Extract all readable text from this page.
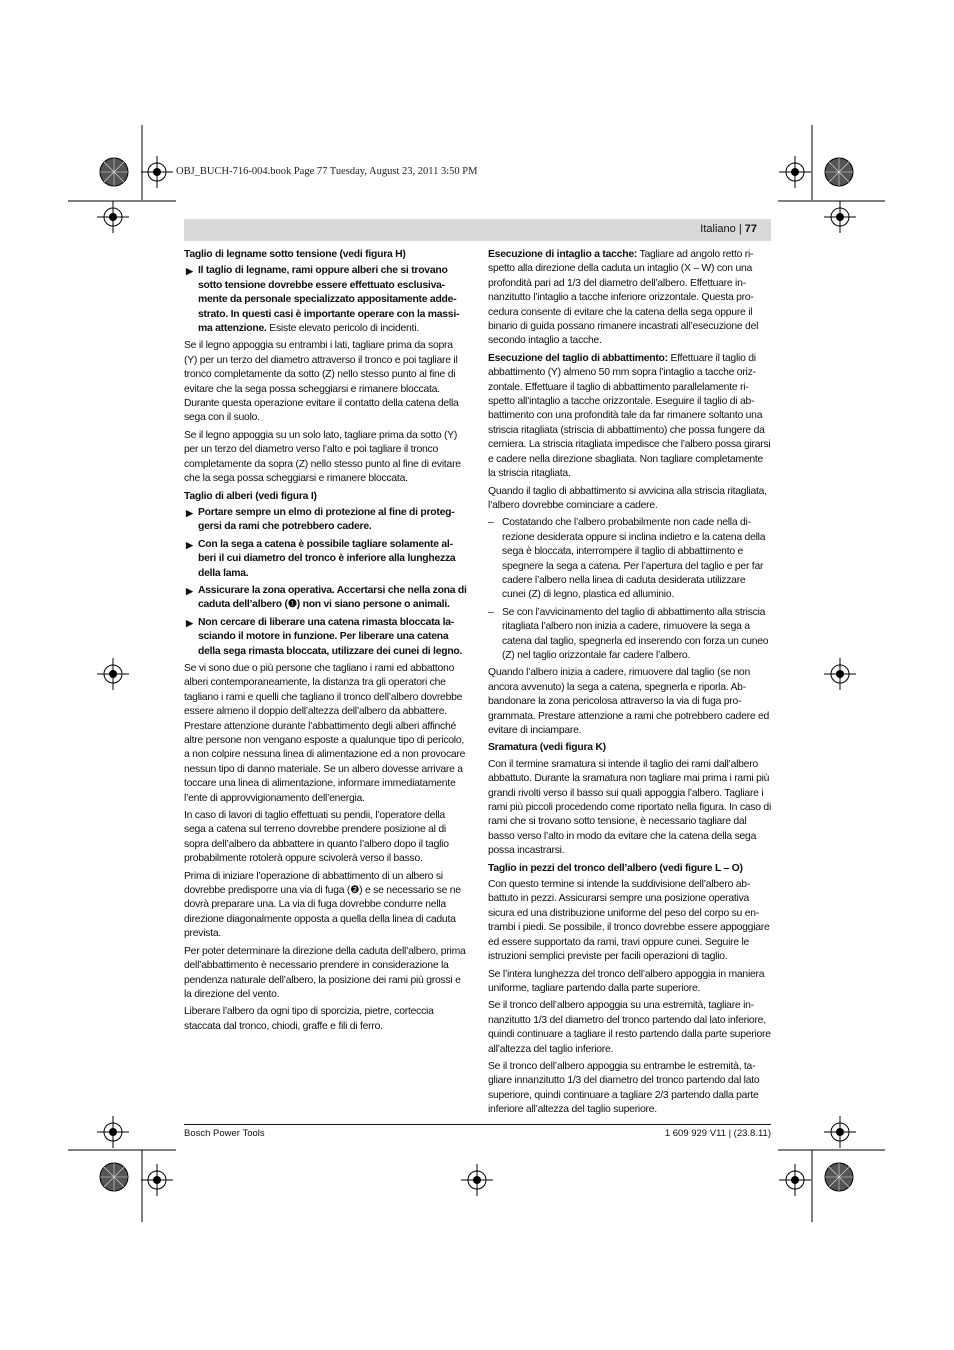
OBJ_BUCH-716-004.book Page 77 Tuesday, August 23, 2011 3:50 PM
Italiano | 77
Taglio di legname sotto tensione (vedi figura H)
▶ Il taglio di legname, rami oppure alberi che si trovano sotto tensione dovrebbe essere effettuato esclusivamente da personale specializzato appositamente addestrato. In questi casi è importante operare con la massima attenzione. Esiste elevato pericolo di incidenti.

Se il legno appoggia su entrambi i lati, tagliare prima da sopra (Y) per un terzo del diametro attraverso il tronco e poi tagliare il tronco completamente da sotto (Z) nello stesso punto al fine di evitare che la sega possa scheggiarsi e rimanere bloccata. Durante questa operazione evitare il contatto della catena della sega con il suolo.

Se il legno appoggia su un solo lato, tagliare prima da sotto (Y) per un terzo del diametro verso l’alto e poi tagliare il tronco completamente da sopra (Z) nello stesso punto al fine di evitare che la sega possa scheggiarsi e rimanere bloccata.

Taglio di alberi (vedi figura I)
▶ Portare sempre un elmo di protezione al fine di proteggersi da rami che potrebbero cadere.
▶ Con la sega a catena è possibile tagliare solamente alberi il cui diametro del tronco è inferiore alla lunghezza della lama.
▶ Assicurare la zona operativa. Accertarsi che nella zona di caduta dell’albero (❶) non vi siano persone o animali.
▶ Non cercare di liberare una catena rimasta bloccata lasciando il motore in funzione. Per liberare una catena della sega rimasta bloccata, utilizzare dei cunei di legno.

Se vi sono due o più persone che tagliano i rami ed abbattono alberi contemporaneamente, la distanza tra gli operatori che tagliano i rami e quelli che tagliano il tronco dell’albero dovrebbe essere almeno il doppio dell’altezza dell’albero da abbattere. Prestare attenzione durante l’abbattimento degli alberi affinché altre persone non vengano esposte a qualunque tipo di pericolo, a non colpire nessuna linea di alimentazione ed a non provocare nessun tipo di danno materiale. Se un albero dovesse arrivare a toccare una linea di alimentazione, informare immediatamente l’ente di approvvigionamento dell’energia.

In caso di lavori di taglio effettuati su pendii, l’operatore della sega a catena sul terreno dovrebbe prendere posizione al di sopra dell’albero da abbattere in quanto l’albero dopo il taglio probabilmente rotolerà oppure scivolerà verso il basso.

Prima di iniziare l’operazione di abbattimento di un albero si dovrebbe predisporre una via di fuga (❷) e se necessario se ne dovrà preparare una. La via di fuga dovrebbe condurre nella direzione diagonalmente opposta a quella della linea di caduta prevista.

Per poter determinare la direzione della caduta dell’albero, prima dell’abbattimento è necessario prendere in considerazione la pendenza naturale dell’albero, la posizione dei rami più grossi e la direzione del vento.

Liberare l’albero da ogni tipo di sporcizia, pietre, corteccia staccata dal tronco, chiodi, graffe e fili di ferro.

Esecuzione di intaglio a tacche: Tagliare ad angolo retto rispetto alla direzione della caduta un intaglio (X – W) con una profondità pari ad 1/3 del diametro dell’albero. Effettuare innanzitutto l’intaglio a tacche inferiore orizzontale. Questa procedura consente di evitare che la catena della sega oppure il binario di guida possano rimanere incastrati all’esecuzione del secondo intaglio a tacche.

Esecuzione del taglio di abbattimento: Effettuare il taglio di abbattimento (Y) almeno 50 mm sopra l’intaglio a tacche orizzontale. Effettuare il taglio di abbattimento parallelamente rispetto all’intaglio a tacche orizzontale. Eseguire il taglio di abbattimento con una profondità tale da far rimanere soltanto una striscia ritagliata (striscia di abbattimento) che possa fungere da cerniera. La striscia ritagliata impedisce che l’albero possa girarsi e cadere nella direzione sbagliata. Non tagliare completamente la striscia ritagliata.

Quando il taglio di abbattimento si avvicina alla striscia ritagliata, l’albero dovrebbe cominciare a cadere.

– Costatando che l’albero probabilmente non cade nella direzione desiderata oppure si inclina indietro e la catena della sega è bloccata, interrompere il taglio di abbattimento e spegnere la sega a catena. Per l’apertura del taglio e per far cadere l’albero nella linea di caduta desiderata utilizzare cunei (Z) di legno, plastica ed alluminio.
– Se con l’avvicinamento del taglio di abbattimento alla striscia ritagliata l’albero non inizia a cadere, rimuovere la sega a catena dal taglio, spegnerla ed inserendo con forza un cuneo (Z) nel taglio orizzontale far cadere l’albero.

Quando l’albero inizia a cadere, rimuovere dal taglio (se non ancora avvenuto) la sega a catena, spegnerla e riporla. Abbandonare la zona pericolosa attraverso la via di fuga programmata. Prestare attenzione a rami che potrebbero cadere ed evitare di inciampare.

Sramatura (vedi figura K)

Con il termine sramatura si intende il taglio dei rami dall’albero abbattuto. Durante la sramatura non tagliare mai prima i rami più grandi rivolti verso il basso sui quali appoggia l’albero. Tagliare i rami più piccoli procedendo come riportato nella figura. In caso di rami che si trovano sotto tensione, è necessario tagliare dal basso verso l’alto in modo da evitare che la catena della sega possa incastrarsi.

Taglio in pezzi del tronco dell’albero (vedi figure L – O)

Con questo termine si intende la suddivisione dell’albero abbattuto in pezzi. Assicurarsi sempre una posizione operativa sicura ed una distribuzione uniforme del peso del corpo su entrambi i piedi. Se possibile, il tronco dovrebbe essere appoggiare ed essere supportato da rami, travi oppure cunei. Seguire le istruzioni semplici previste per facili operazioni di taglio.

Se l’intera lunghezza del tronco dell’albero appoggia in maniera uniforme, tagliare partendo dalla parte superiore.

Se il tronco dell’albero appoggia su una estremità, tagliare innanzitutto 1/3 del diametro del tronco partendo dal lato inferiore, quindi continuare a tagliare il resto partendo dalla parte superiore all’altezza del taglio inferiore.

Se il tronco dell’albero appoggia su entrambe le estremità, tagliare innanzitutto 1/3 del diametro del tronco partendo dal lato superiore, quindi continuare a tagliare 2/3 partendo dalla parte inferiore all’altezza del taglio superiore.

Bosch Power Tools	1 609 929 V11 | (23.8.11)
